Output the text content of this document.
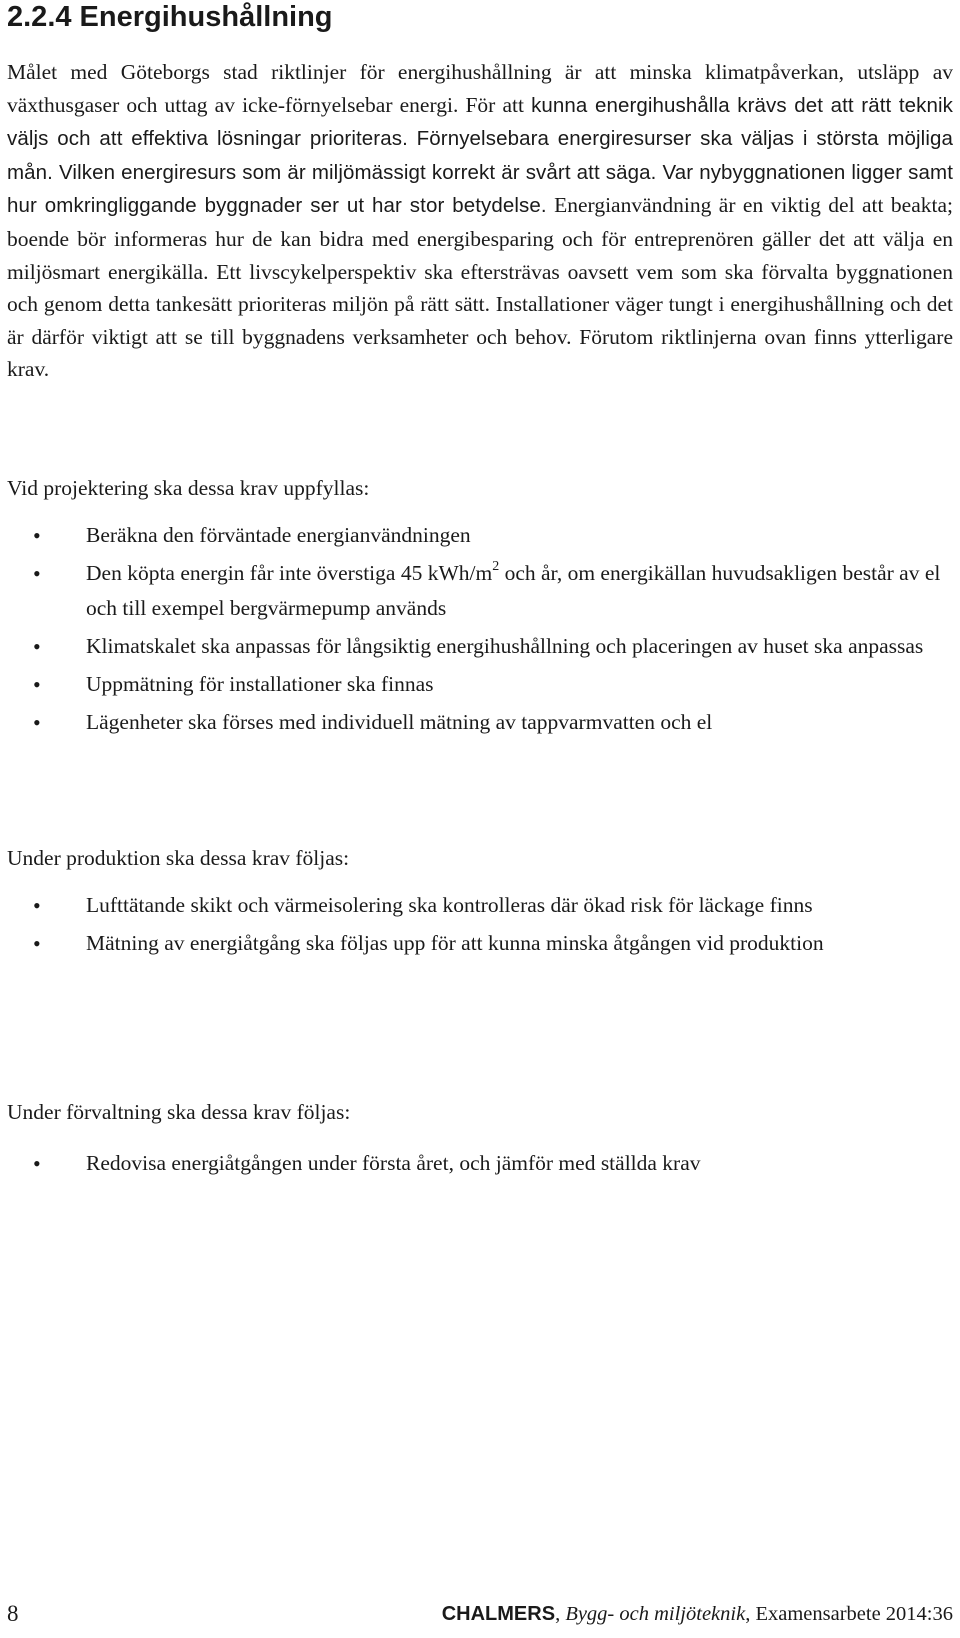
2.2.4 Energihushållning

Målet med Göteborgs stad riktlinjer för energihushållning är att minska klimatpåverkan, utsläpp av växthusgaser och uttag av icke-förnyelsebar energi. För att kunna energihushålla krävs det att rätt teknik väljs och att effektiva lösningar prioriteras. Förnyelsebara energiresurser ska väljas i största möjliga mån. Vilken energiresurs som är miljömässigt korrekt är svårt att säga. Var nybyggnationen ligger samt hur omkringliggande byggnader ser ut har stor betydelse. Energianvändning är en viktig del att beakta; boende bör informeras hur de kan bidra med energibesparing och för entreprenören gäller det att välja en miljösmart energikälla. Ett livscykelperspektiv ska eftersträvas oavsett vem som ska förvalta byggnationen och genom detta tankesätt prioriteras miljön på rätt sätt. Installationer väger tungt i energihushållning och det är därför viktigt att se till byggnadens verksamheter och behov. Förutom riktlinjerna ovan finns ytterligare krav.

Vid projektering ska dessa krav uppfyllas:

• Beräkna den förväntade energianvändningen
• Den köpta energin får inte överstiga 45 kWh/$m^2$ och år, om energikällan huvudsakligen består av el och till exempel bergvärmepump används
• Klimatskalet ska anpassas för långsiktig energihushållning och placeringen av huset ska anpassas
• Uppmätning för installationer ska finnas
• Lägenheter ska förses med individuell mätning av tappvarmvatten och el

Under produktion ska dessa krav följas:

• Lufttätande skikt och värmeisolering ska kontrolleras där ökad risk för läckage finns
• Mätning av energiåtgång ska följas upp för att kunna minska åtgången vid produktion

Under förvaltning ska dessa krav följas:

• Redovisa energiåtgången under första året, och jämför med ställda krav
8	CHALMERS, Bygg- och miljöteknik, Examensarbete 2014:36
